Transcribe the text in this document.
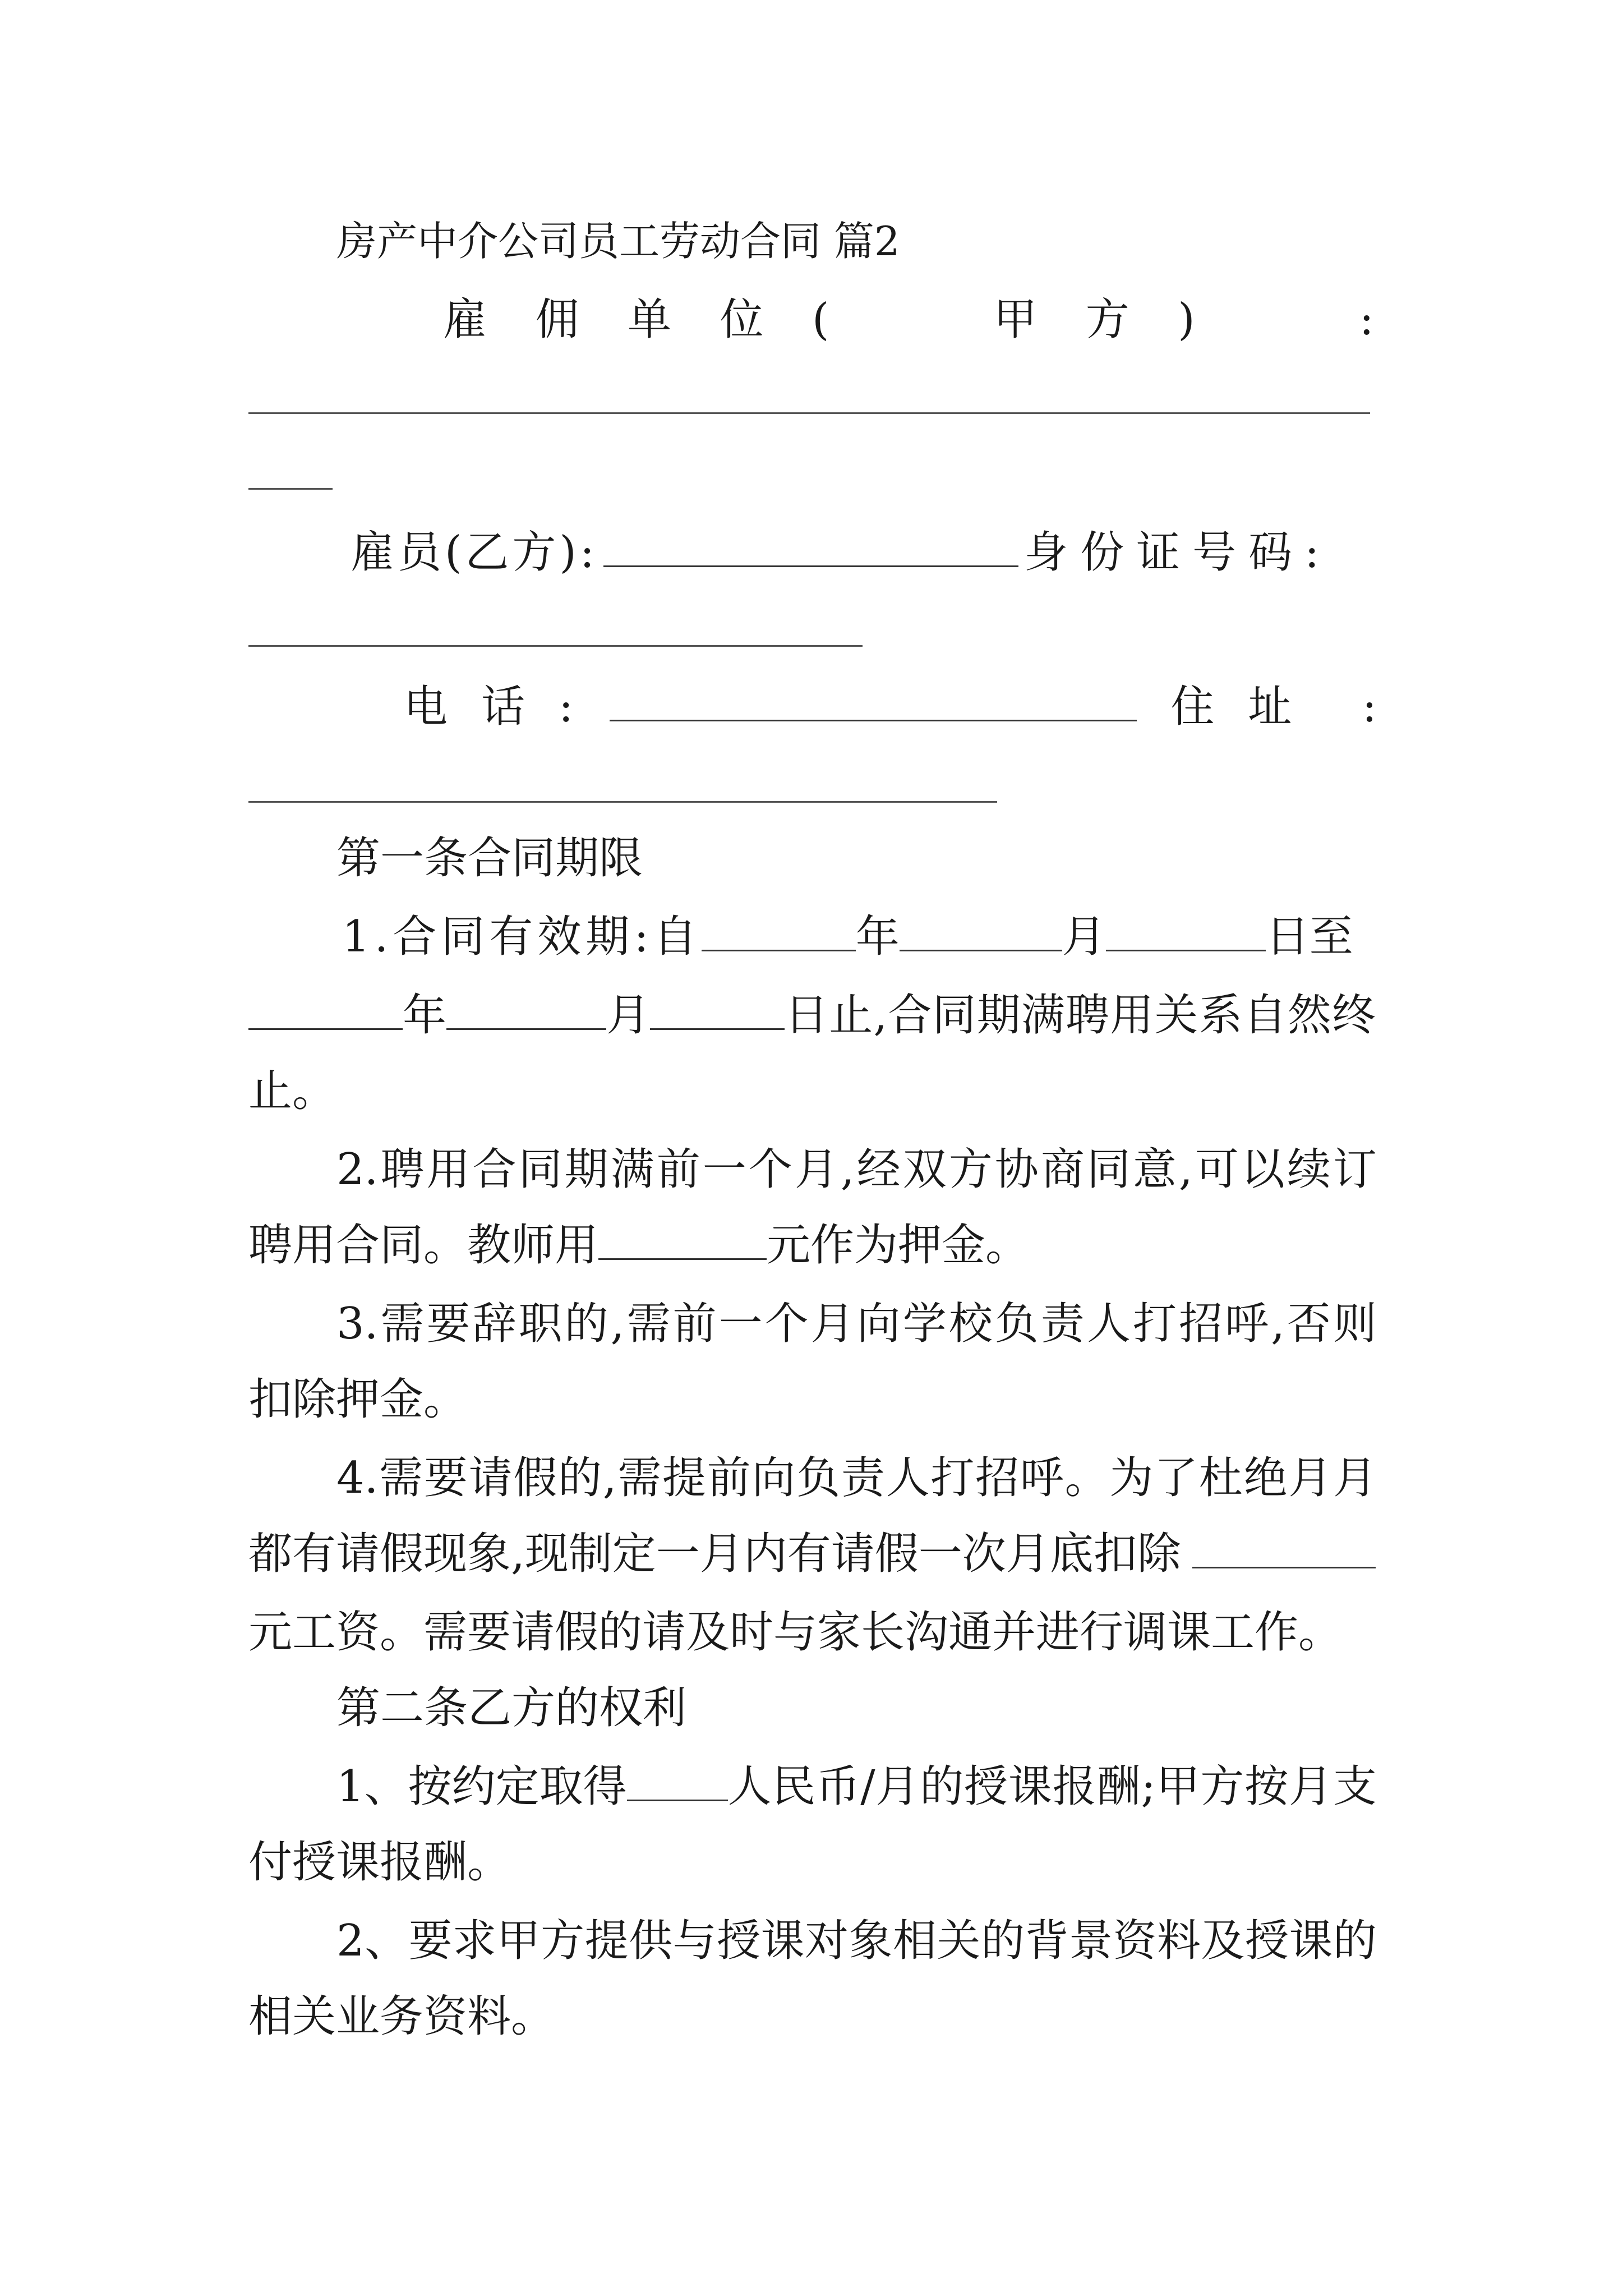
房产中介公司员工劳动合同 篇2

雇 佣 单 位 (	甲 方 )	:
雇员(乙方):	身份证号码:
电 话 :	住 址 :

第一条合同期限

1.合同有效期:自	年	月	日至
年	月	日止,合同期满聘用关系自然终

止。

2.聘用合同期满前一个月,经双方协商同意,可以续订

聘用合同。教师用	元作为押金。

3.需要辞职的,需前一个月向学校负责人打招呼,否则

扣除押金。

4.需要请假的,需提前向负责人打招呼。为了杜绝月月

都有请假现象,现制定一月内有请假一次月底扣除

元工资。需要请假的请及时与家长沟通并进行调课工作。

第二条乙方的权利

1、按约定取得 人民币/月的授课报酬;甲方按月支

付授课报酬。

2、要求甲方提供与授课对象相关的背景资料及授课的

相关业务资料。
